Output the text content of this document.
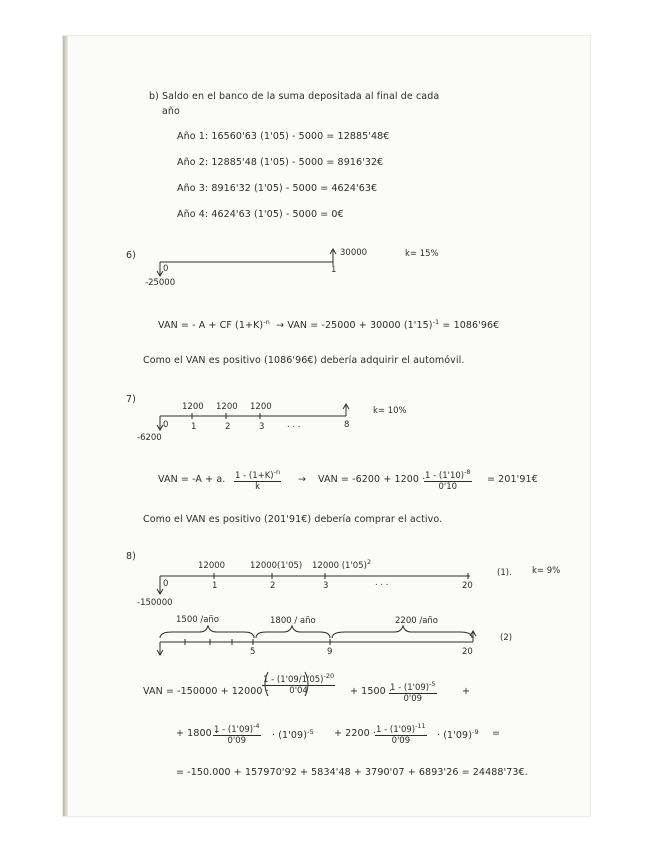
b) Saldo en el banco de la suma depositada al final de cada
año
Año 1: 16560'63 (1'05) - 5000 = 12885'48€
Año 2: 12885'48 (1'05) - 5000 = 8916'32€
Año 3: 8916'32 (1'05) - 5000 = 4624'63€
Año 4: 4624'63 (1'05) - 5000 = 0€
6)	30000	k= 15%
0	1
-25000
VAN = - A + CF $(1+K)^{-n}$  → VAN = -25000 + 30000 $(1'15)^{-1}$ = 1086'96€
Como el VAN es positivo (1086'96€) debería adquirir el automóvil.
7)
1200 1200 1200	k= 10%
0	1	2	3	. . .	8
-6200
VAN = -A + a. $\frac{1 - (1+K)^{-n}}{k}$ → VAN = -6200 + 1200 ·
$\frac{1 - (1'10)^{-8}}{0'10}$ = 201'91€
Como el VAN es positivo (201'91€) debería comprar el activo.
8)
12000	12000(1'05) 12000 $(1'05)^2$
0	1	2	3	. . .	20
(1). k= 9%
-150000
1500 /año	1800 / año	2200 /año
5	9	20
(2)
VAN = -150000 + 12000 ·
$\frac{1 - (1'09/1'05)^{-20}}{0'04} + 1500$ ·
$\frac{1 - (1'09)^{-5}}{0'09}$	+
+ 1800 ·
$\frac{1 - (1'09)^{-4}}{0'09} \cdot (1'09)^{-5} + 2200 \cdot \frac{1 - (1'09)^{-11}}{0'09} \cdot (1'09)^{-9}$ =
= -150.000 + 157970'92 + 5834'48 + 3790'07 + 6893'26 = 24488'73€.
